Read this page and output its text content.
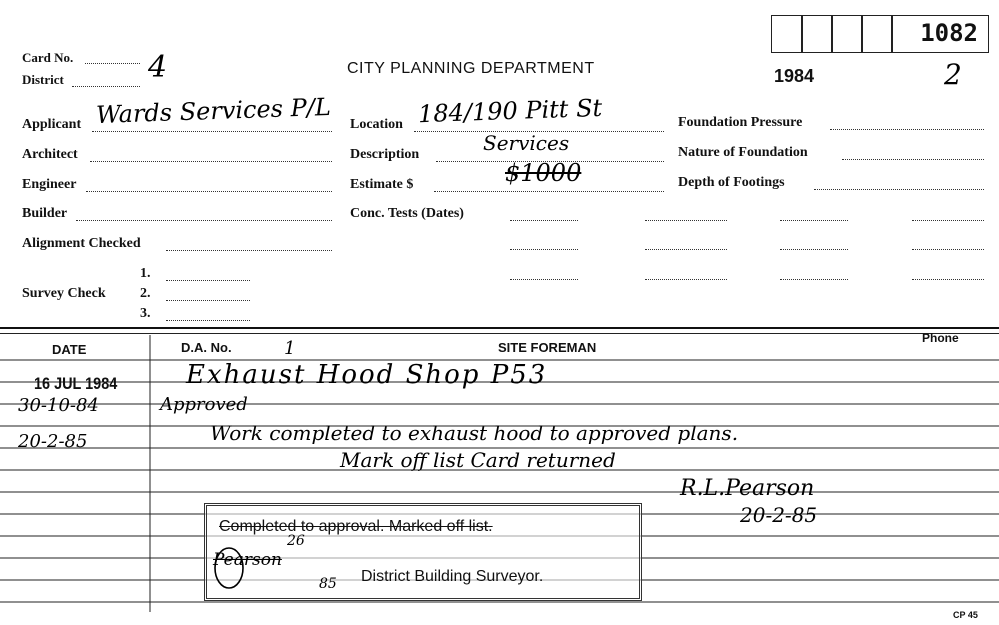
1082
Card No.
District	4	CITY PLANNING DEPARTMENT	1984	2
Applicant Wards Services P/L
Architect
Engineer
Builder
Alignment Checked
Survey Check
1.
2.
3.
Location 184/190 Pitt St
Description	Services
Estimate $	$1000
Conc. Tests (Dates)
Foundation Pressure
Nature of Foundation
Depth of Footings
DATE	D.A. No.	1	SITE FOREMAN
Phone
16 JUL 1984
30-10-84
20-2-85
Exhaust Hood Shop P53
Approved
Work completed to exhaust hood to approved plans.
Mark off list Card returned
R.L.Pearson
20-2-85
Completed to approval. Marked off list.
District Building Surveyor.
Pearson
26
85
CP 45
